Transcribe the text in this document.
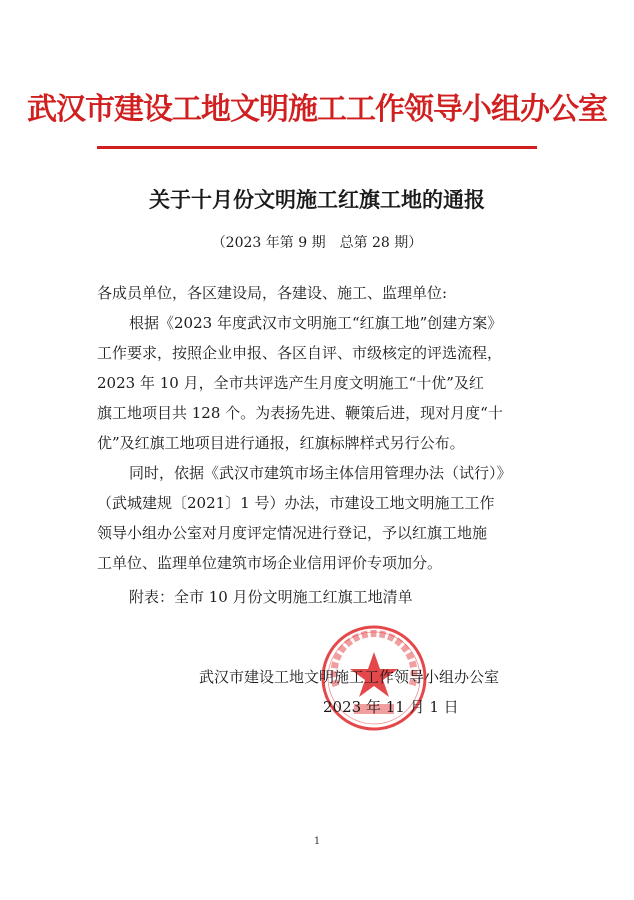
武汉市建设工地文明施工工作领导小组办公室
关于十月份文明施工红旗工地的通报
（2023 年第 9 期　总第 28 期）
各成员单位，各区建设局，各建设、施工、监理单位:
根据《2023 年度武汉市文明施工“红旗工地”创建方案》
工作要求，按照企业申报、各区自评、市级核定的评选流程，
2023 年 10 月，全市共评选产生月度文明施工“十优”及红
旗工地项目共 128 个。为表扬先进、鞭策后进，现对月度“十
优”及红旗工地项目进行通报，红旗标牌样式另行公布。
同时，依据《武汉市建筑市场主体信用管理办法（试行）》
（武城建规〔2021〕1 号）办法，市建设工地文明施工工作
领导小组办公室对月度评定情况进行登记，予以红旗工地施
工单位、监理单位建筑市场企业信用评价专项加分。
附表：全市 10 月份文明施工红旗工地清单
武汉市建设工地文明施工工作领导小组办公室
2023 年 11 月 1 日
1
